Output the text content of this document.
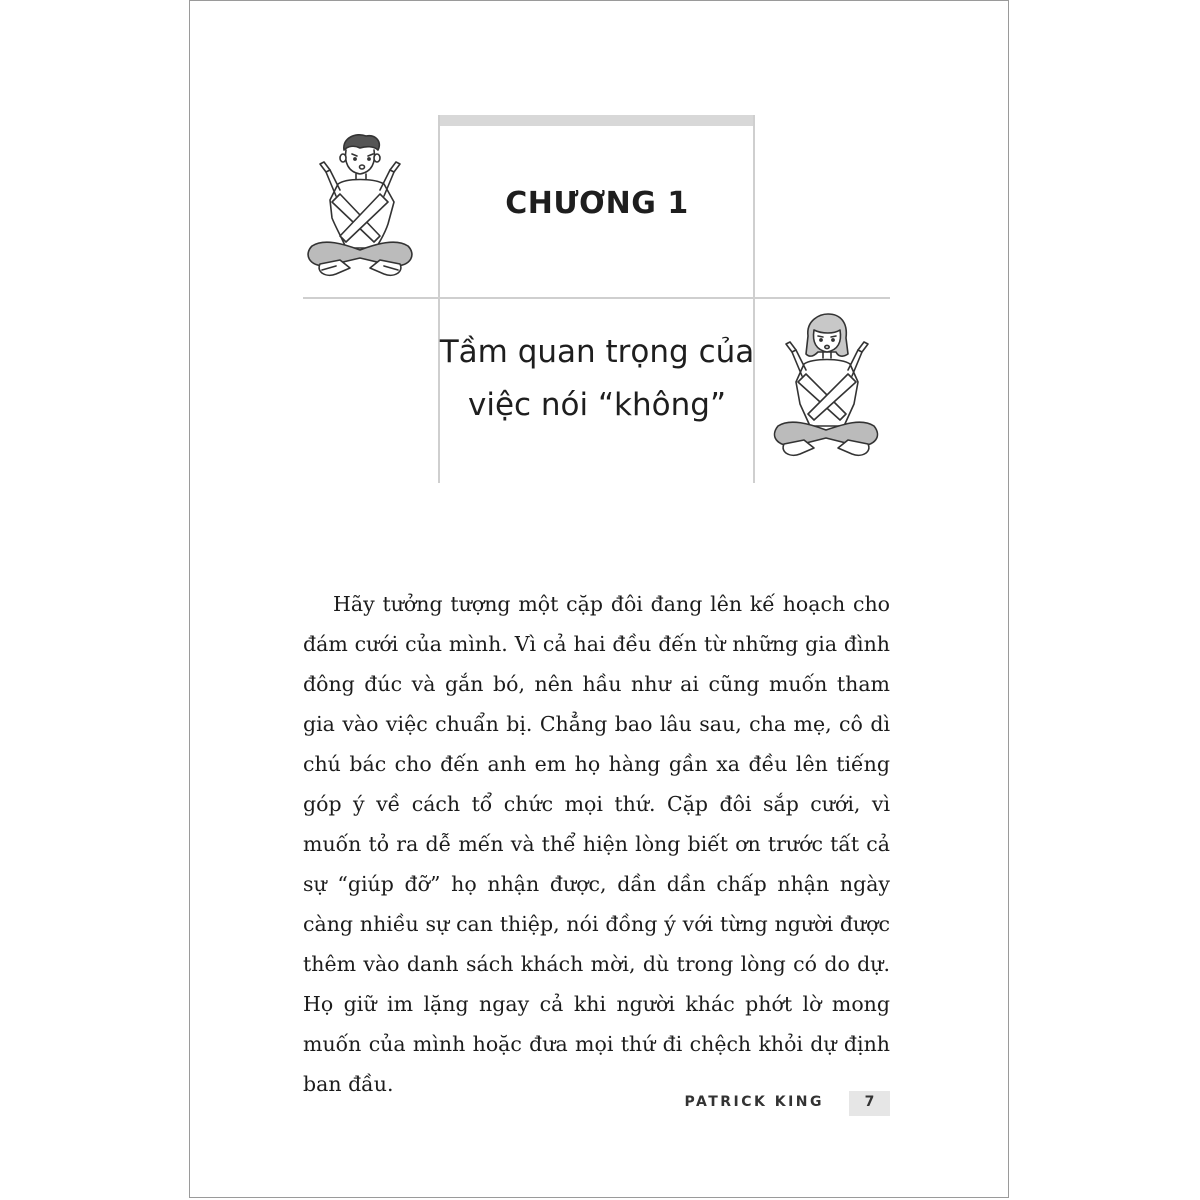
CHƯƠNG 1
Tầm quan trọng của việc nói “không”

Hãy tưởng tượng một cặp đôi đang lên kế hoạch cho đám cưới của mình. Vì cả hai đều đến từ những gia đình đông đúc và gắn bó, nên hầu như ai cũng muốn tham gia vào việc chuẩn bị. Chẳng bao lâu sau, cha mẹ, cô dì chú bác cho đến anh em họ hàng gần xa đều lên tiếng góp ý về cách tổ chức mọi thứ. Cặp đôi sắp cưới, vì muốn tỏ ra dễ mến và thể hiện lòng biết ơn trước tất cả sự “giúp đỡ” họ nhận được, dần dần chấp nhận ngày càng nhiều sự can thiệp, nói đồng ý với từng người được thêm vào danh sách khách mời, dù trong lòng có do dự. Họ giữ im lặng ngay cả khi người khác phớt lờ mong muốn của mình hoặc đưa mọi thứ đi chệch khỏi dự định ban đầu.

PATRICK KING	7
